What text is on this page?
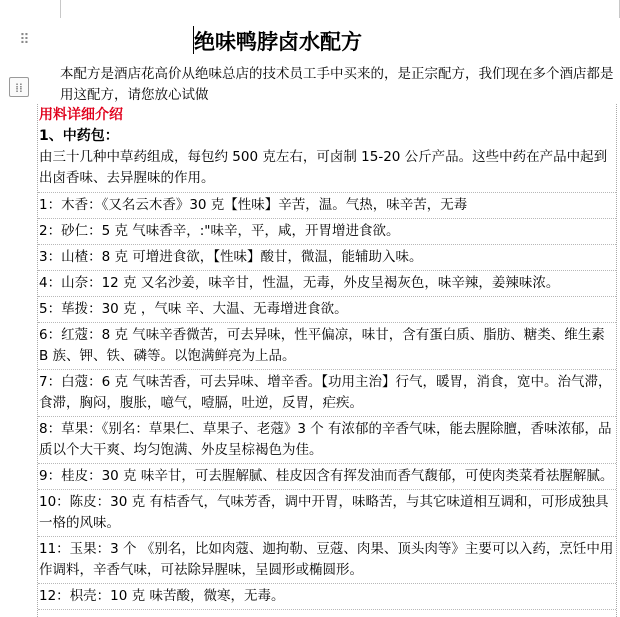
⠿
⁞⁞
绝味鸭脖卤水配方
本配方是酒店花高价从绝味总店的技术员工手中买来的，是正宗配方，我们现在多个酒店都是用这配方，请您放心试做
用料详细介绍
1、中药包：
由三十几种中草药组成，每包约 500 克左右，可卤制 15-20 公斤产品。这些中药在产品中起到出卤香味、去异腥味的作用。
1：木香：《又名云木香》30 克【性味】辛苦，温。气热，味辛苦，无毒
2：砂仁：5 克 气味香辛，:"味辛，平，咸，开胃增进食欲。
3：山楂：8 克 可增进食欲，【性味】酸甘，微温，能辅助入味。
4：山奈：12 克 又名沙姜，味辛甘，性温，无毒，外皮呈褐灰色，味辛辣，姜辣味浓。
5：荜拨：30 克 ，气味 辛、大温、无毒增进食欲。
6：红蔻：8 克 气味辛香微苦，可去异味，性平偏凉，味甘，含有蛋白质、脂肪、糖类、维生素 B 族、钾、铁、磷等。以饱满鲜亮为上品。
7：白蔻：6 克 气味苦香，可去异味、增辛香。【功用主治】行气，暖胃，消食，宽中。治气滞，食滞，胸闷，腹胀，噫气，噎膈，吐逆，反胃，疟疾。
8：草果：《别名：草果仁、草果子、老蔻》3 个 有浓郁的辛香气味，能去腥除膻，香味浓郁，品质以个大干爽、均匀饱满、外皮呈棕褐色为佳。
9：桂皮：30 克 味辛甘，可去腥解腻、桂皮因含有挥发油而香气馥郁，可使肉类菜肴祛腥解腻。
10：陈皮：30 克 有桔香气，气味芳香，调中开胃，味略苦，与其它味道相互调和，可形成独具一格的风味。
11：玉果：3 个 《别名，比如肉蔻、迦拘勒、豆蔻、肉果、顶头肉等》主要可以入药，烹饪中用作调料，辛香气味，可祛除异腥味，呈圆形或椭圆形。
12：枳壳：10 克 味苦酸，微寒，无毒。
